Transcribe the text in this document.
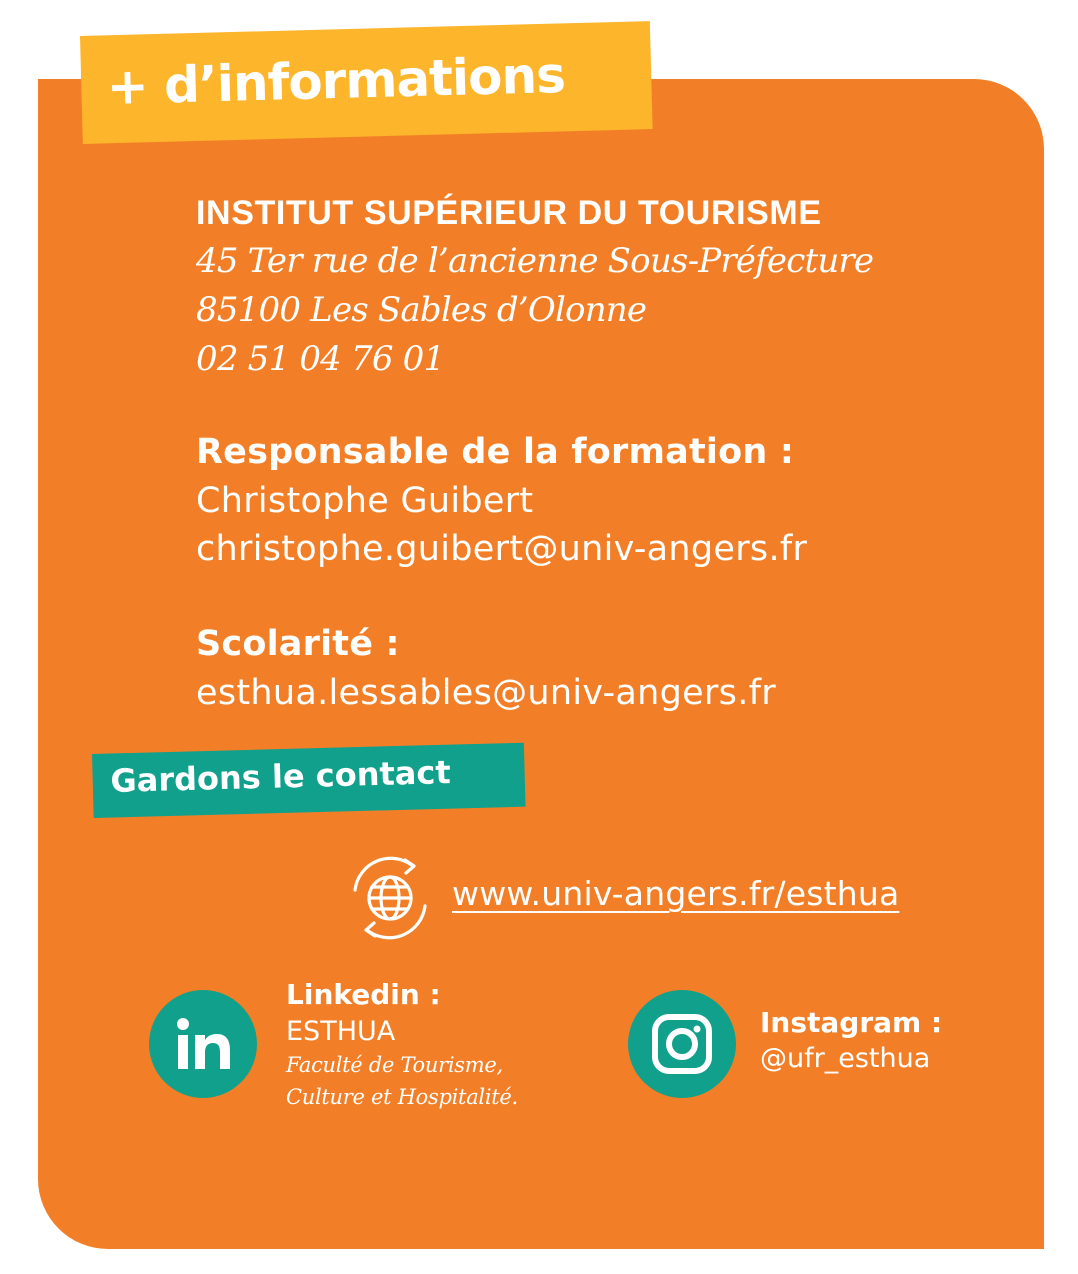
+ d’informations
INSTITUT SUPÉRIEUR DU TOURISME
45 Ter rue de l’ancienne Sous-Préfecture
85100 Les Sables d’Olonne
02 51 04 76 01
Responsable de la formation :
Christophe Guibert
christophe.guibert@univ-angers.fr
Scolarité :
esthua.lessables@univ-angers.fr
Gardons le contact
www.univ-angers.fr/esthua
Linkedin :
ESTHUA
Faculté de Tourisme,
Culture et Hospitalité.
Instagram :
@ufr_esthua
